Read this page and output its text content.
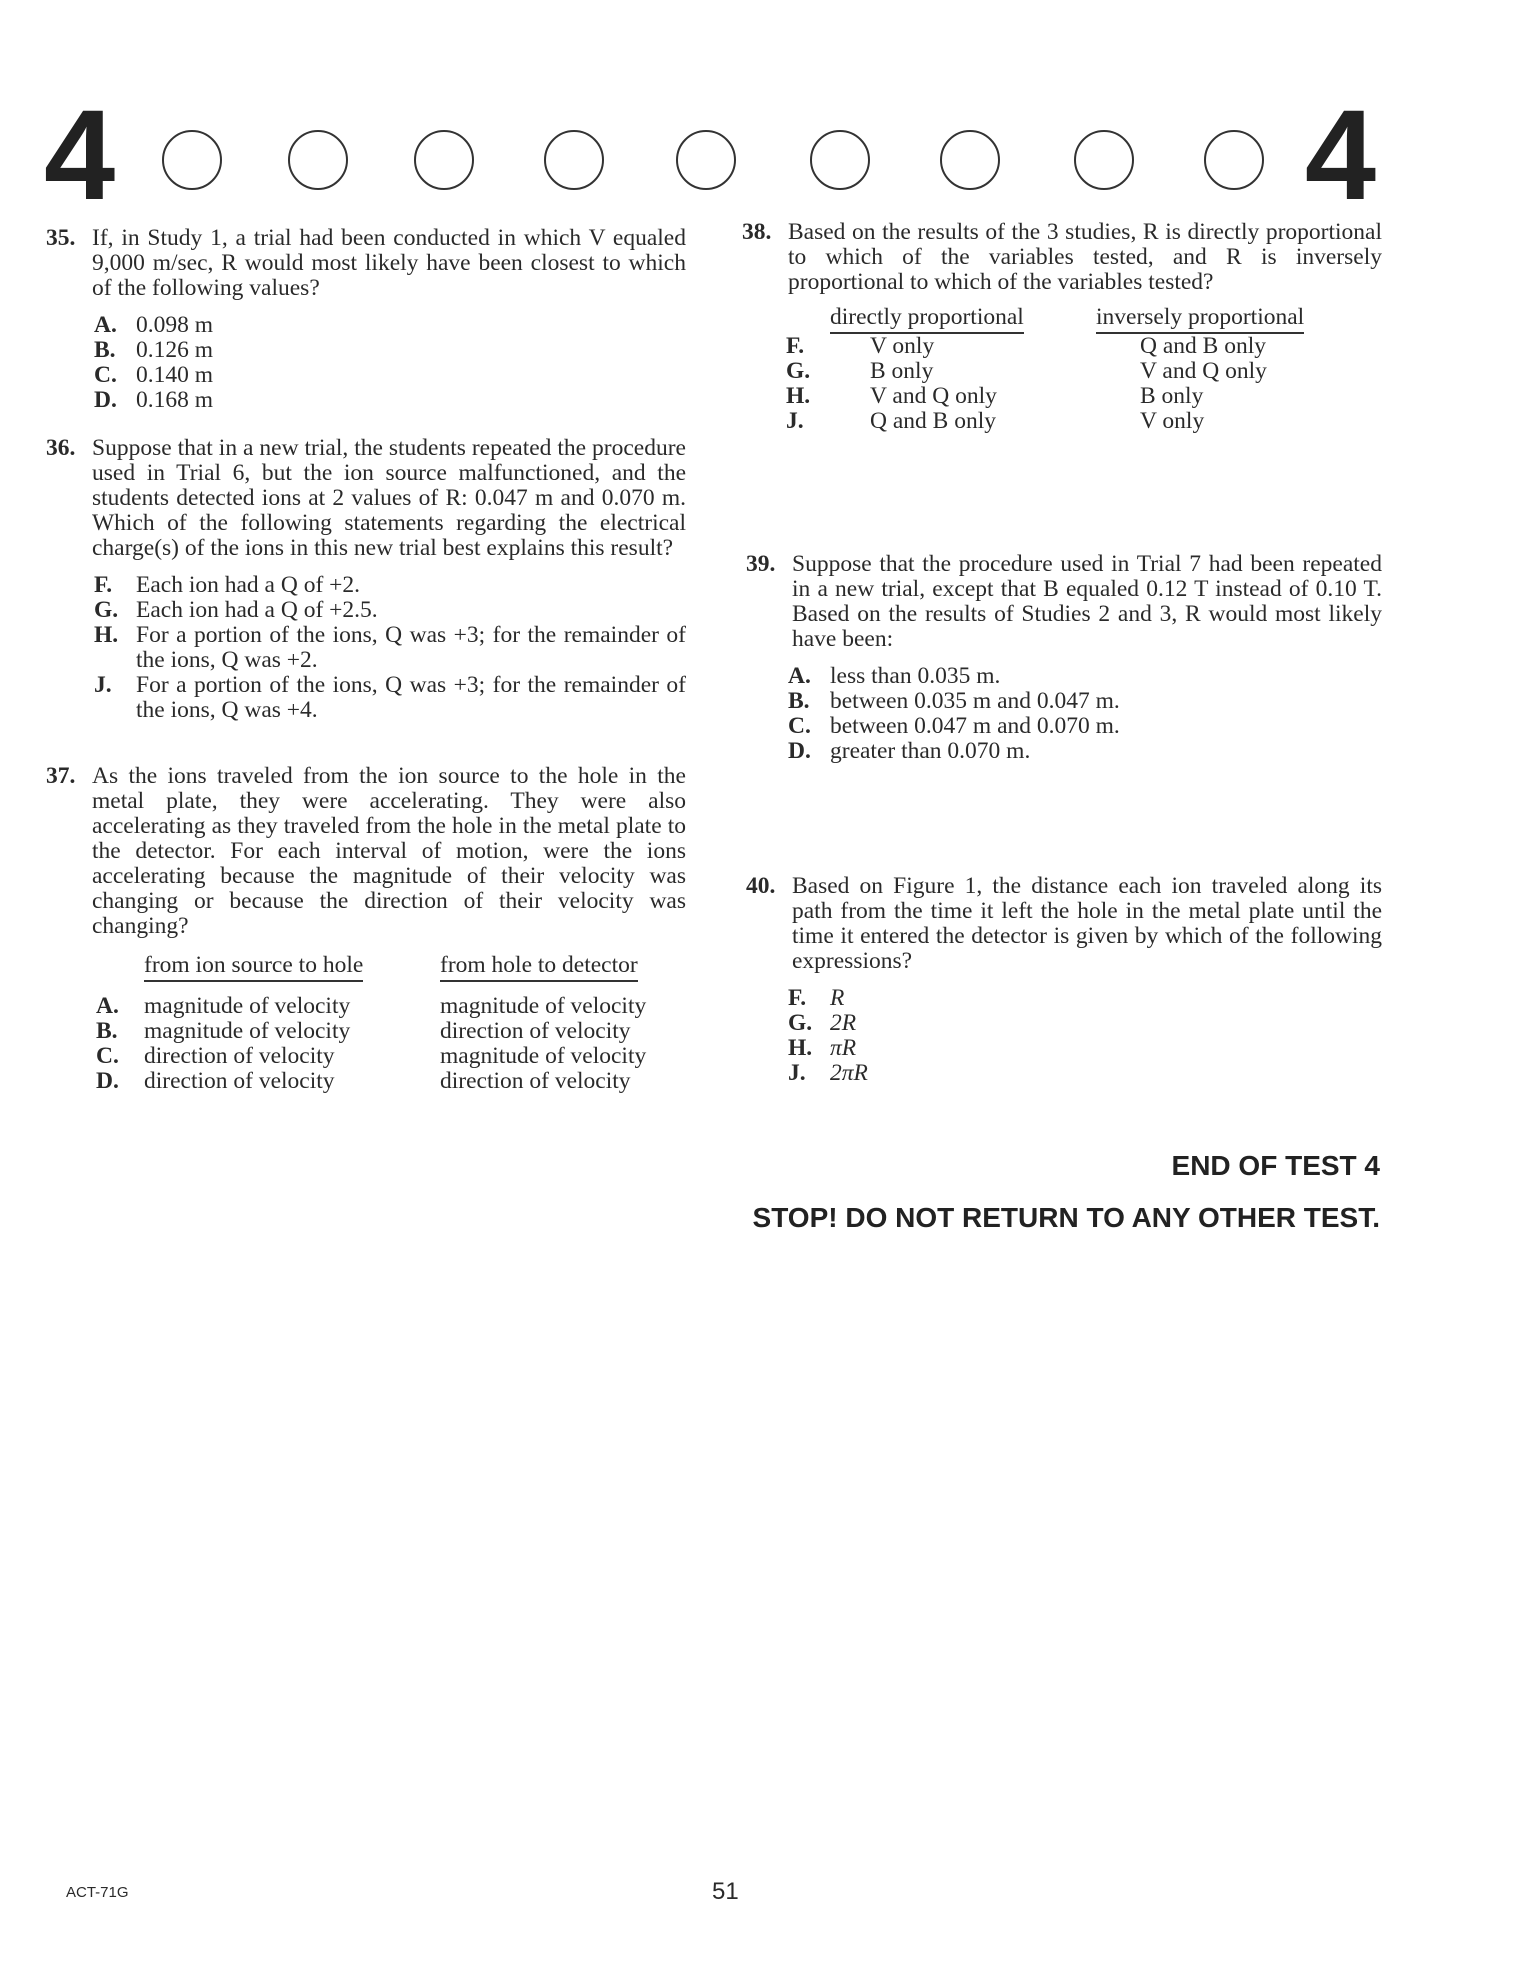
4	4
35. If, in Study 1, a trial had been conducted in which V equaled 9,000 m/sec, R would most likely have been closest to which of the following values?
A. 0.098 m
B. 0.126 m
C. 0.140 m
D. 0.168 m
36. Suppose that in a new trial, the students repeated the procedure used in Trial 6, but the ion source malfunctioned, and the students detected ions at 2 values of R: 0.047 m and 0.070 m. Which of the following statements regarding the electrical charge(s) of the ions in this new trial best explains this result?
F.	Each ion had a Q of +2.
G. Each ion had a Q of +2.5.
H. For a portion of the ions, Q was +3; for the remainder of the ions, Q was +2.
J.	For a portion of the ions, Q was +3; for the remainder of the ions, Q was +4.
37. As the ions traveled from the ion source to the hole in the metal plate, they were accelerating. They were also accelerating as they traveled from the hole in the metal plate to the detector. For each interval of motion, were the ions accelerating because the magnitude of their velocity was changing or because the direction of their velocity was changing?
	from ion source to hole	from hole to detector

A.	magnitude of velocity	magnitude of velocity
B.	magnitude of velocity	direction of velocity
C.	direction of velocity	magnitude of velocity
D.	direction of velocity	direction of velocity
38. Based on the results of the 3 studies, R is directly proportional to which of the variables tested, and R is inversely proportional to which of the variables tested?
	directly proportional	inversely proportional
F.	V only	Q and B only
G.	B only	V and Q only
H.	V and Q only	B only
J.	Q and B only	V only
39. Suppose that the procedure used in Trial 7 had been repeated in a new trial, except that B equaled 0.12 T instead of 0.10 T. Based on the results of Studies 2 and 3, R would most likely have been:
A. less than 0.035 m.
B. between 0.035 m and 0.047 m.
C. between 0.047 m and 0.070 m.
D. greater than 0.070 m.
40. Based on Figure 1, the distance each ion traveled along its path from the time it left the hole in the metal plate until the time it entered the detector is given by which of the following expressions?
F.	R
G. 2R
H. πR
J.	2πR
END OF TEST 4
STOP! DO NOT RETURN TO ANY OTHER TEST.
ACT-71G	51
